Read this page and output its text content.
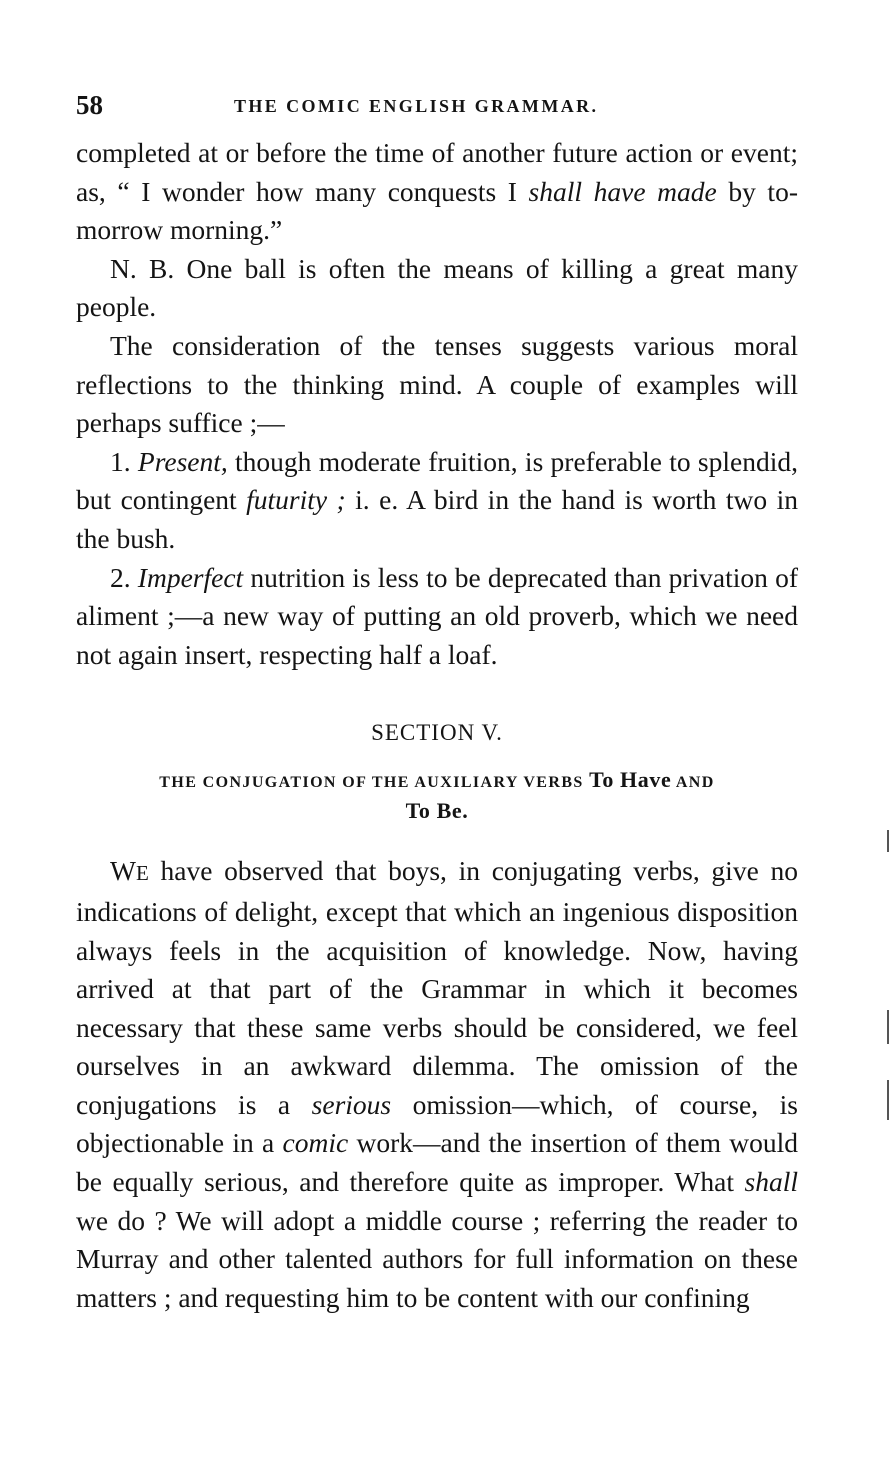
58	THE COMIC ENGLISH GRAMMAR.

completed at or before the time of another future action or event; as, “ I wonder how many conquests I shall have made by to-morrow morning.”

N. B. One ball is often the means of killing a great many people.

The consideration of the tenses suggests various moral reflections to the thinking mind. A couple of examples will perhaps suffice ;—

1. Present, though moderate fruition, is preferable to splendid, but contingent futurity ; i. e. A bird in the hand is worth two in the bush.

2. Imperfect nutrition is less to be deprecated than privation of aliment ;—a new way of putting an old proverb, which we need not again insert, respecting half a loaf.

SECTION V.
THE CONJUGATION OF THE AUXILIARY VERBS To Have AND
To Be.

WE have observed that boys, in conjugating verbs, give no indications of delight, except that which an ingenious disposition always feels in the acquisition of knowledge. Now, having arrived at that part of the Grammar in which it becomes necessary that these same verbs should be considered, we feel ourselves in an awkward dilemma. The omission of the conjugations is a serious omission—which, of course, is objectionable in a comic work—and the insertion of them would be equally serious, and therefore quite as improper. What shall we do ? We will adopt a middle course ; referring the reader to Murray and other talented authors for full information on these matters ; and requesting him to be content with our confining
